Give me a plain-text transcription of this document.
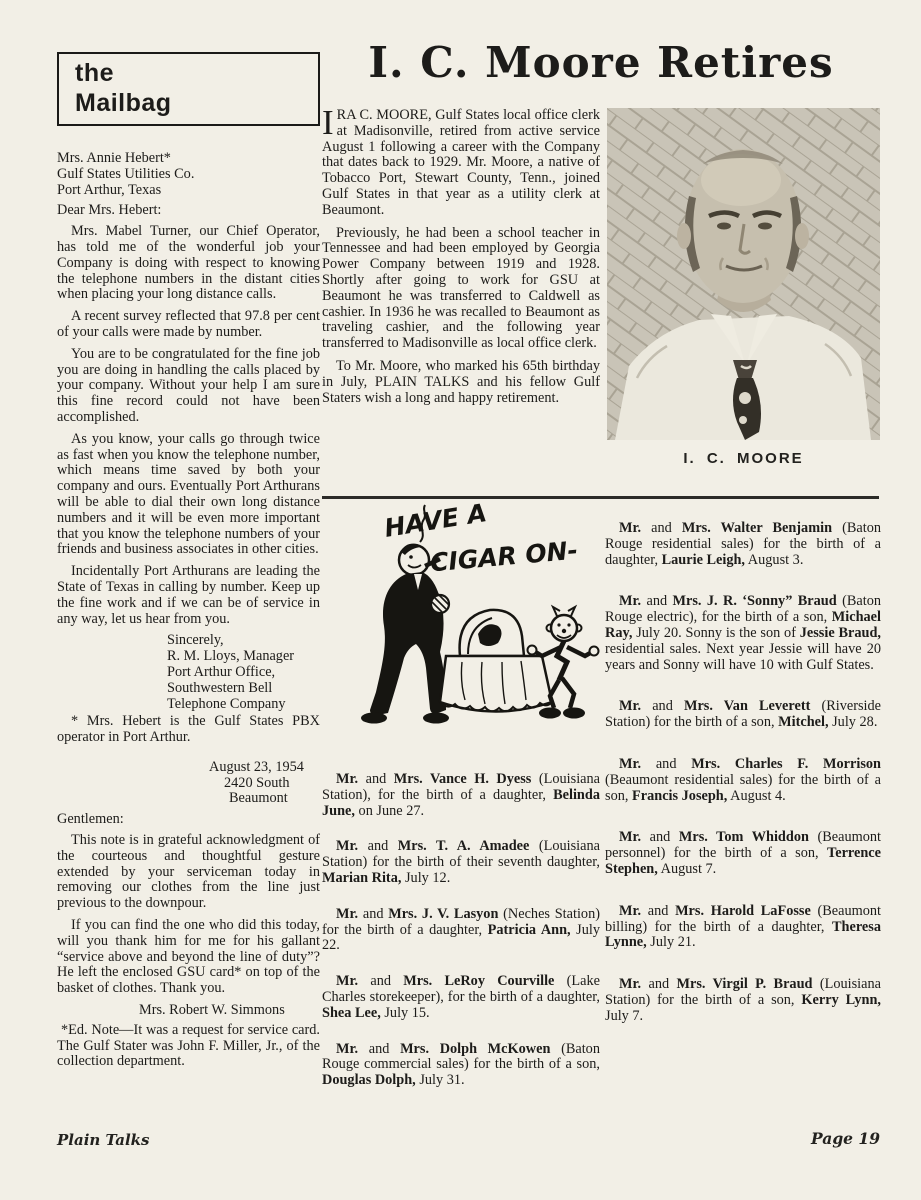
I. C. Moore Retires
the
Mailbag
Mrs. Annie Hebert*
Gulf States Utilities Co.
Port Arthur, Texas
Dear Mrs. Hebert:

Mrs. Mabel Turner, our Chief Operator, has told me of the wonderful job your Company is doing with respect to knowing the telephone numbers in the distant cities when placing your long distance calls.

A recent survey reflected that 97.8 per cent of your calls were made by number.

You are to be congratulated for the fine job you are doing in handling the calls placed by your company. Without your help I am sure this fine record could not have been accomplished.

As you know, your calls go through twice as fast when you know the telephone number, which means time saved by both your company and ours. Eventually Port Arthurans will be able to dial their own long distance numbers and it will be even more important that you know the telephone numbers of your friends and business associates in other cities.

Incidentally Port Arthurans are leading the State of Texas in calling by number. Keep up the fine work and if we can be of service in any way, let us hear from you.

Sincerely,
R. M. Lloys, Manager
Port Arthur Office,
Southwestern Bell
Telephone Company

* Mrs. Hebert is the Gulf States PBX operator in Port Arthur.

August 23, 1954
2420 South
Beaumont
Gentlemen:

This note is in grateful acknowledgment of the courteous and thoughtful gesture extended by your serviceman today in removing our clothes from the line just previous to the downpour.

If you can find the one who did this today, will you thank him for me for his gallant “service above and beyond the line of duty”? He left the enclosed GSU card* on top of the basket of clothes. Thank you.

Mrs. Robert W. Simmons

*Ed. Note—It was a request for service card. The Gulf Stater was John F. Miller, Jr., of the collection department.

IRA C. MOORE, Gulf States local office clerk at Madisonville, retired from active service August 1 following a career with the Company that dates back to 1929. Mr. Moore, a native of Tobacco Port, Stewart County, Tenn., joined Gulf States in that year as a utility clerk at Beaumont.

Previously, he had been a school teacher in Tennessee and had been employed by Georgia Power Company between 1919 and 1928. Shortly after going to work for GSU at Beaumont he was transferred to Caldwell as cashier. In 1936 he was recalled to Beaumont as traveling cashier, and the following year transferred to Madisonville as local office clerk.

To Mr. Moore, who marked his 65th birthday in July, PLAIN TALKS and his fellow Gulf Staters wish a long and happy retirement.

I. C. MOORE
HAVE A
CIGAR ON-

Mr. and Mrs. Vance H. Dyess (Louisiana Station), for the birth of a daughter, Belinda June, on June 27.

Mr. and Mrs. T. A. Amadee (Louisiana Station) for the birth of their seventh daughter, Marian Rita, July 12.

Mr. and Mrs. J. V. Lasyon (Neches Station) for the birth of a daughter, Patricia Ann, July 22.

Mr. and Mrs. LeRoy Courville (Lake Charles storekeeper), for the birth of a daughter, Shea Lee, July 15.

Mr. and Mrs. Dolph McKowen (Baton Rouge commercial sales) for the birth of a son, Douglas Dolph, July 31.

Mr. and Mrs. Walter Benjamin (Baton Rouge residential sales) for the birth of a daughter, Laurie Leigh, August 3.

Mr. and Mrs. J. R. ‘Sonny” Braud (Baton Rouge electric), for the birth of a son, Michael Ray, July 20. Sonny is the son of Jessie Braud, residential sales. Next year Jessie will have 20 years and Sonny will have 10 with Gulf States.

Mr. and Mrs. Van Leverett (Riverside Station) for the birth of a son, Mitchel, July 28.

Mr. and Mrs. Charles F. Morrison (Beaumont residential sales) for the birth of a son, Francis Joseph, August 4.

Mr. and Mrs. Tom Whiddon (Beaumont personnel) for the birth of a son, Terrence Stephen, August 7.

Mr. and Mrs. Harold LaFosse (Beaumont billing) for the birth of a daughter, Theresa Lynne, July 21.

Mr. and Mrs. Virgil P. Braud (Louisiana Station) for the birth of a son, Kerry Lynn, July 7.

Plain Talks	Page 19
